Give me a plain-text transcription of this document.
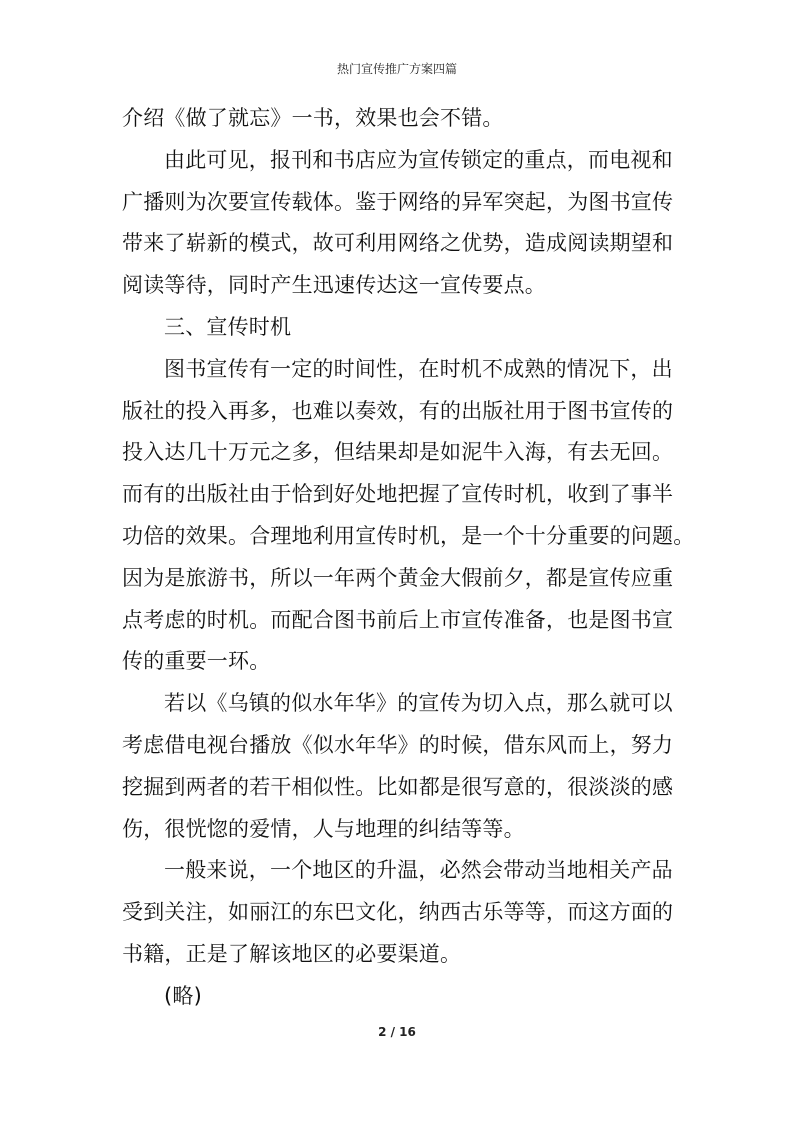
热门宣传推广方案四篇
介绍《做了就忘》一书，效果也会不错。
由此可见，报刊和书店应为宣传锁定的重点，而电视和
广播则为次要宣传载体。鉴于网络的异军突起，为图书宣传
带来了崭新的模式，故可利用网络之优势，造成阅读期望和
阅读等待，同时产生迅速传达这一宣传要点。
三、宣传时机
图书宣传有一定的时间性，在时机不成熟的情况下，出
版社的投入再多，也难以奏效，有的出版社用于图书宣传的
投入达几十万元之多，但结果却是如泥牛入海，有去无回。
而有的出版社由于恰到好处地把握了宣传时机，收到了事半
功倍的效果。合理地利用宣传时机，是一个十分重要的问题。
因为是旅游书，所以一年两个黄金大假前夕，都是宣传应重
点考虑的时机。而配合图书前后上市宣传准备，也是图书宣
传的重要一环。
若以《乌镇的似水年华》的宣传为切入点，那么就可以
考虑借电视台播放《似水年华》的时候，借东风而上，努力
挖掘到两者的若干相似性。比如都是很写意的，很淡淡的感
伤，很恍惚的爱情，人与地理的纠结等等。
一般来说，一个地区的升温，必然会带动当地相关产品
受到关注，如丽江的东巴文化，纳西古乐等等，而这方面的
书籍，正是了解该地区的必要渠道。
(略)
2 / 16
